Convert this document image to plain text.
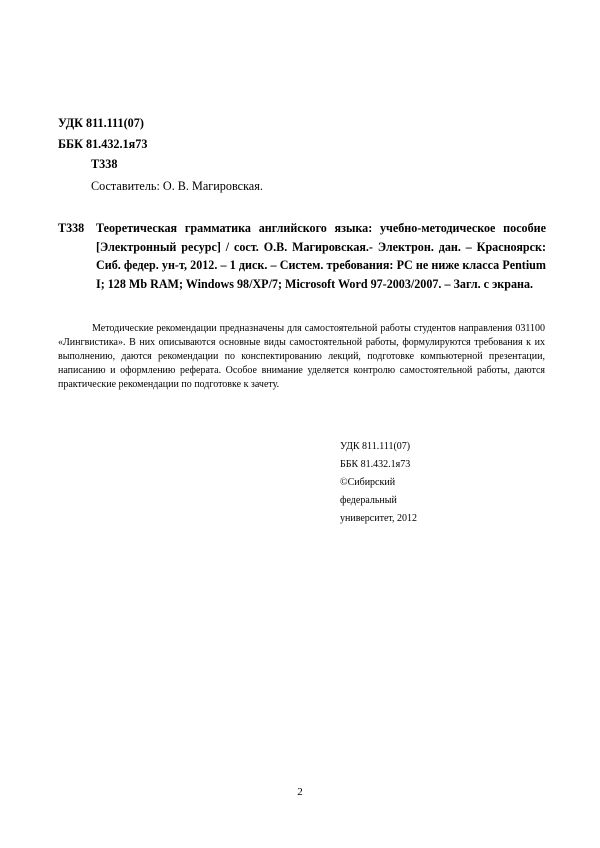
УДК 811.111(07)
ББК 81.432.1я73
Т338
Составитель: О. В. Магировская.
Т338 Теоретическая грамматика английского языка: учебно-методическое пособие [Электронный ресурс] / сост. О.В. Магировская.- Электрон. дан. – Красноярск: Сиб. федер. ун-т, 2012. – 1 диск. – Систем. требования: PC не ниже класса Pentium I; 128 Mb RAM; Windows 98/XP/7; Microsoft Word 97-2003/2007. – Загл. с экрана.
Методические рекомендации предназначены для самостоятельной работы студентов направления 031100 «Лингвистика». В них описываются основные виды самостоятельной работы, формулируются требования к их выполнению, даются рекомендации по конспектированию лекций, подготовке компьютерной презентации, написанию и оформлению реферата. Особое внимание уделяется контролю самостоятельной работы, даются практические рекомендации по подготовке к зачету.
УДК 811.111(07)
ББК 81.432.1я73
©Сибирский
федеральный
университет, 2012
2
